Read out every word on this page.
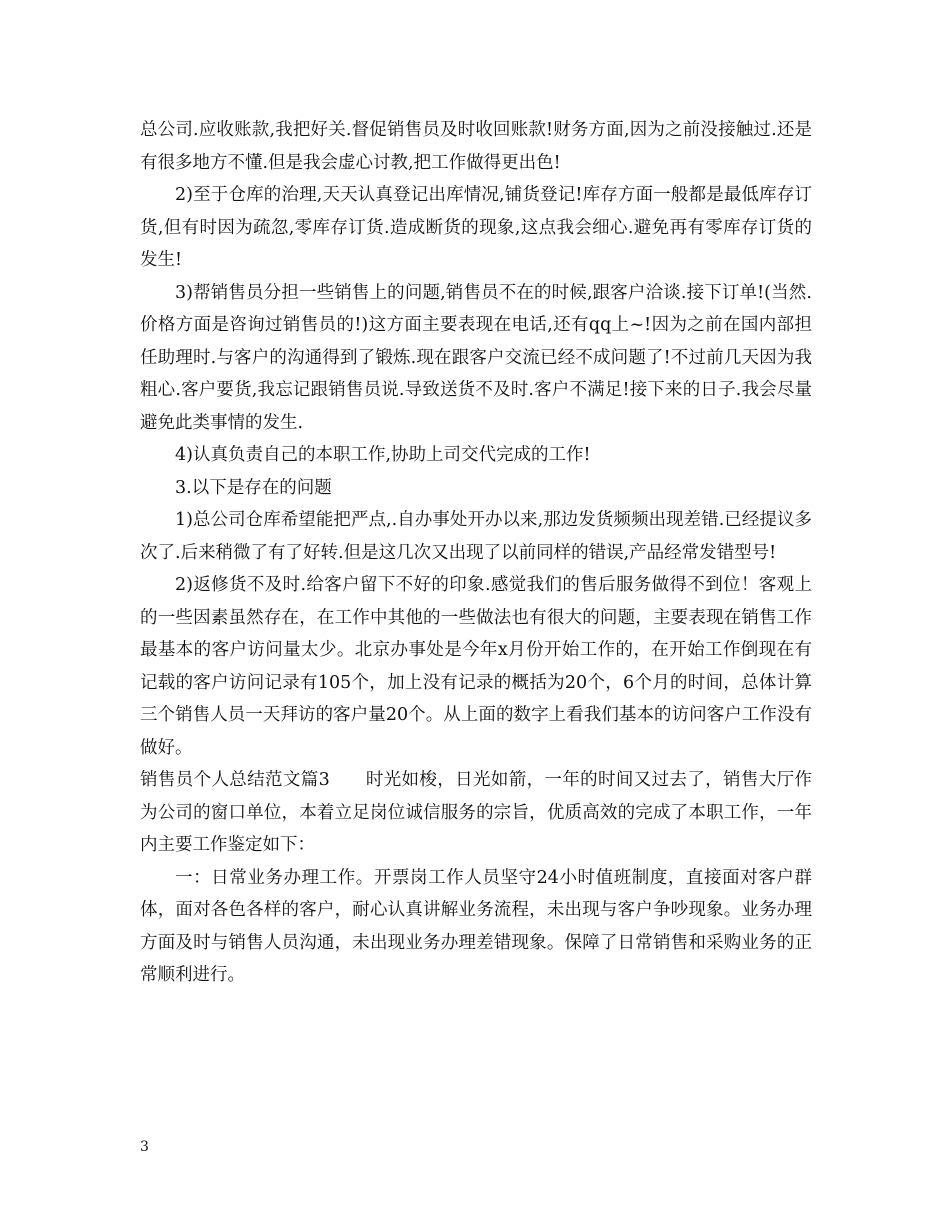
总公司.应收账款,我把好关.督促销售员及时收回账款!财务方面,因为之前没接触过.还是有很多地方不懂.但是我会虚心讨教,把工作做得更出色!

2)至于仓库的治理,天天认真登记出库情况,铺货登记!库存方面一般都是最低库存订货,但有时因为疏忽,零库存订货.造成断货的现象,这点我会细心.避免再有零库存订货的发生!

3)帮销售员分担一些销售上的问题,销售员不在的时候,跟客户洽谈.接下订单!(当然.价格方面是咨询过销售员的!)这方面主要表现在电话,还有qq上~!因为之前在国内部担任助理时.与客户的沟通得到了锻炼.现在跟客户交流已经不成问题了!不过前几天因为我粗心.客户要货,我忘记跟销售员说.导致送货不及时.客户不满足!接下来的日子.我会尽量避免此类事情的发生.

4)认真负责自己的本职工作,协助上司交代完成的工作!

3.以下是存在的问题

1)总公司仓库希望能把严点,.自办事处开办以来,那边发货频频出现差错.已经提议多次了.后来稍微了有了好转.但是这几次又出现了以前同样的错误,产品经常发错型号!

2)返修货不及时.给客户留下不好的印象.感觉我们的售后服务做得不到位！客观上的一些因素虽然存在，在工作中其他的一些做法也有很大的问题，主要表现在销售工作最基本的客户访问量太少。北京办事处是今年x月份开始工作的，在开始工作倒现在有记载的客户访问记录有105个，加上没有记录的概括为20个，6个月的时间，总体计算三个销售人员一天拜访的客户量20个。从上面的数字上看我们基本的访问客户工作没有做好。

销售员个人总结范文篇3　　时光如梭，日光如箭，一年的时间又过去了，销售大厅作为公司的窗口单位，本着立足岗位诚信服务的宗旨，优质高效的完成了本职工作，一年内主要工作鉴定如下：

一：日常业务办理工作。开票岗工作人员坚守24小时值班制度，直接面对客户群体，面对各色各样的客户，耐心认真讲解业务流程，未出现与客户争吵现象。业务办理方面及时与销售人员沟通，未出现业务办理差错现象。保障了日常销售和采购业务的正常顺利进行。

3
